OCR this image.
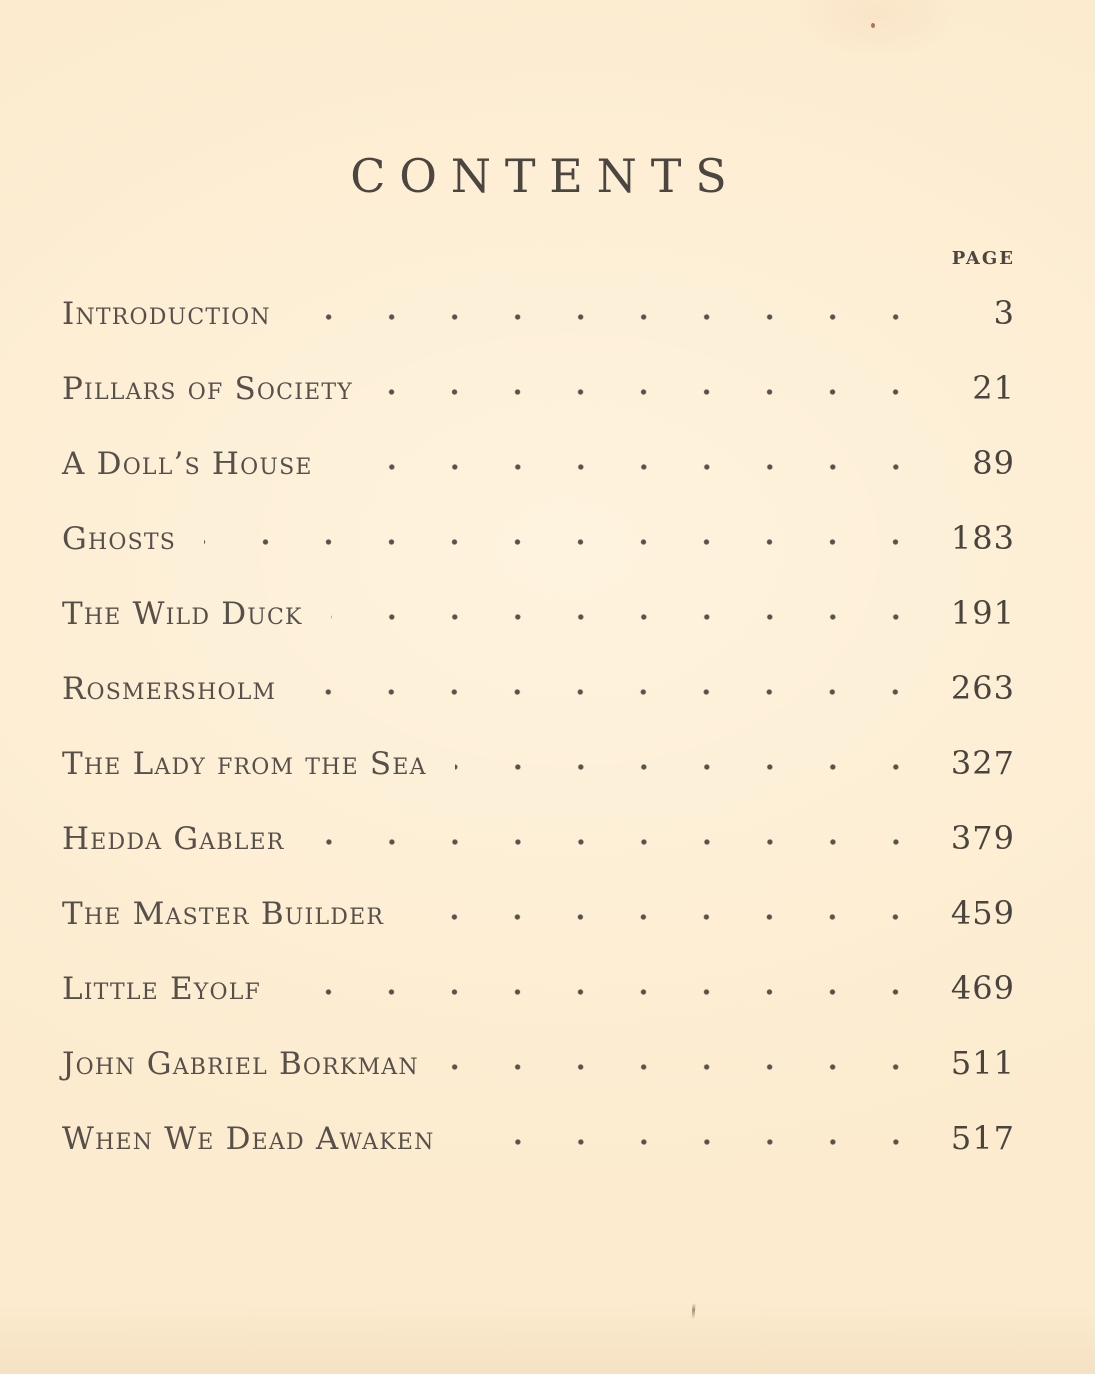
CONTENTS
PAGE
Introduction	3
Pillars of Society	21
A Doll’s House	89
Ghosts	183
The Wild Duck	191
Rosmersholm	263
The Lady from the Sea	327
Hedda Gabler	379
The Master Builder	459
Little Eyolf	469
John Gabriel Borkman	511
When We Dead Awaken	517
